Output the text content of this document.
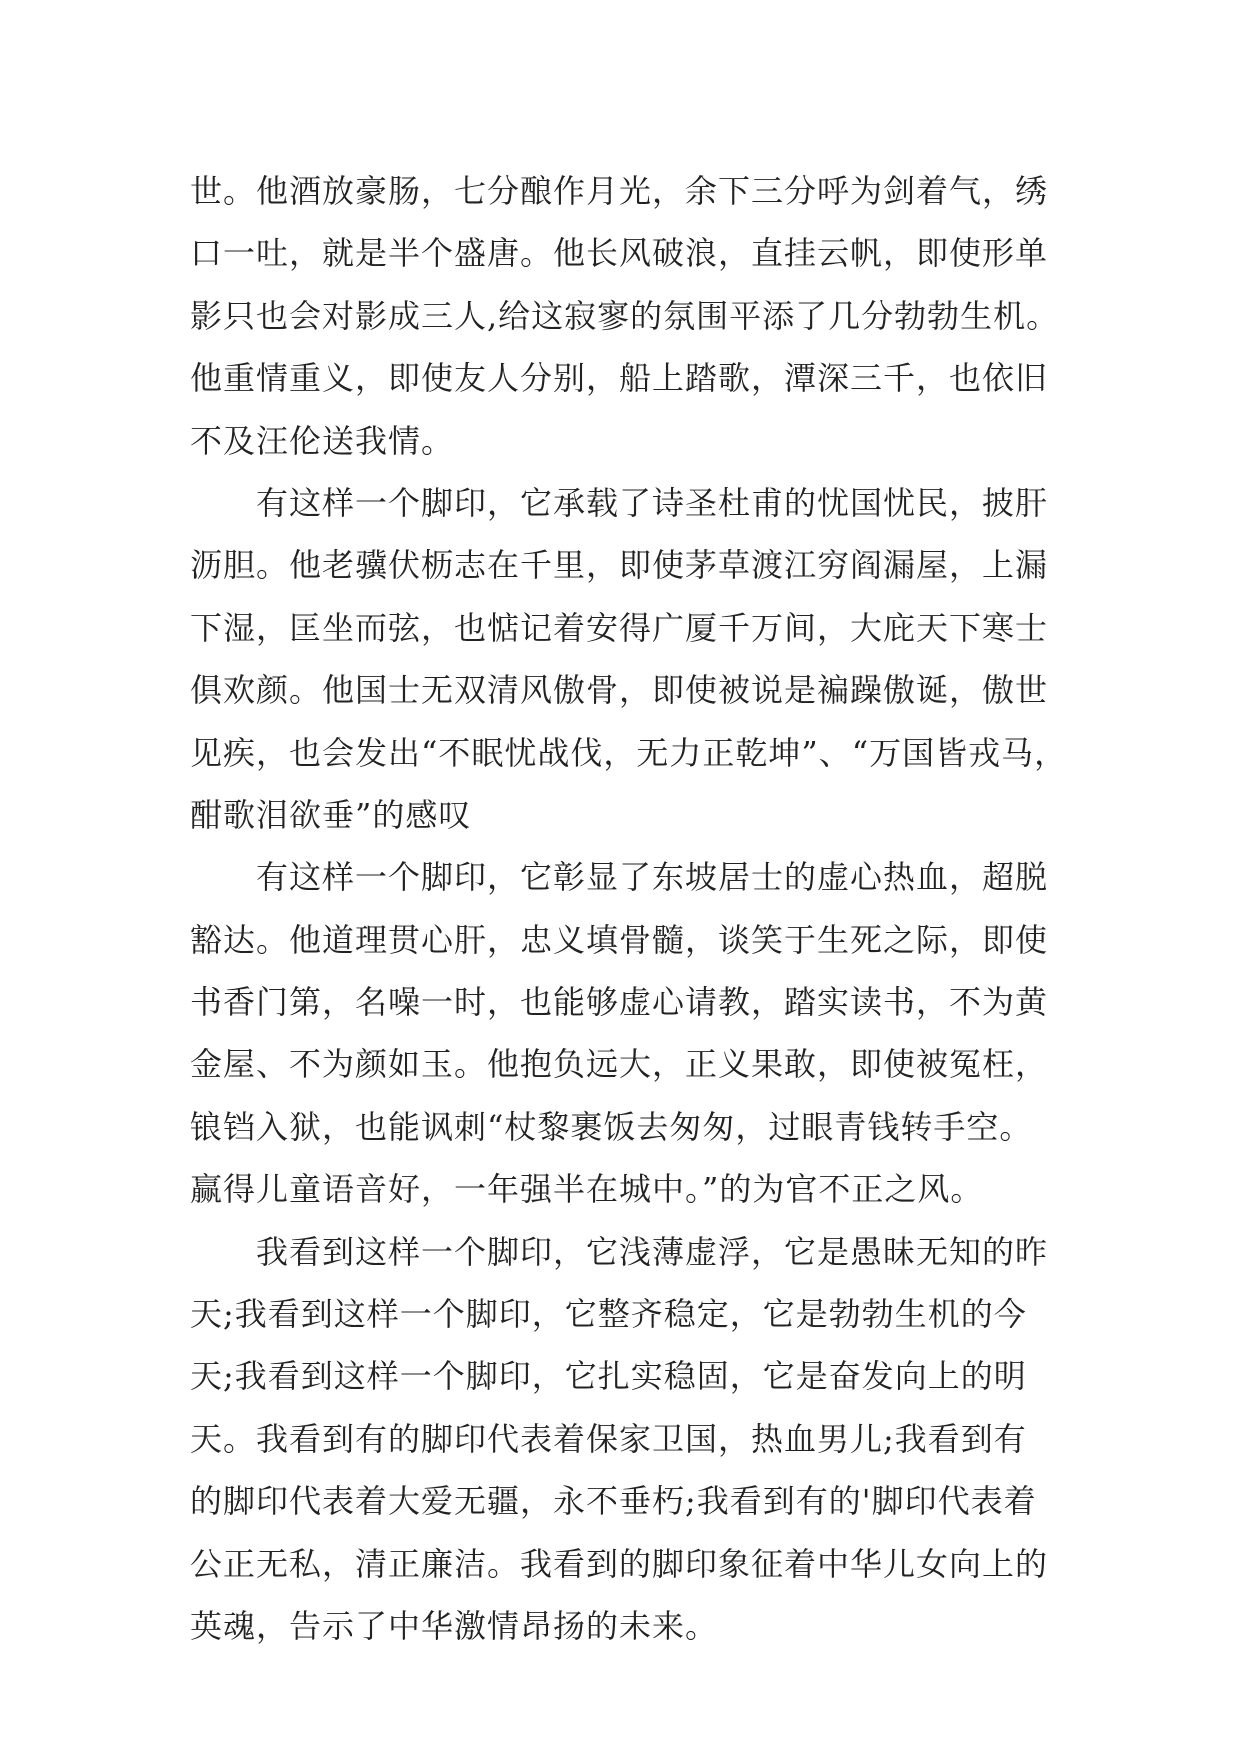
世。他酒放豪肠，七分酿作月光，余下三分呼为剑着气，绣
口一吐，就是半个盛唐。他长风破浪，直挂云帆，即使形单
影只也会对影成三人,给这寂寥的氛围平添了几分勃勃生机。
他重情重义，即使友人分别，船上踏歌，潭深三千，也依旧
不及汪伦送我情。
有这样一个脚印，它承载了诗圣杜甫的忧国忧民，披肝
沥胆。他老骥伏枥志在千里，即使茅草渡江穷阎漏屋，上漏
下湿，匡坐而弦，也惦记着安得广厦千万间，大庇天下寒士
俱欢颜。他国士无双清风傲骨，即使被说是褊躁傲诞，傲世
见疾，也会发出“不眠忧战伐，无力正乾坤”、“万国皆戎马，
酣歌泪欲垂”的感叹
有这样一个脚印，它彰显了东坡居士的虚心热血，超脱
豁达。他道理贯心肝，忠义填骨髓，谈笑于生死之际，即使
书香门第，名噪一时，也能够虚心请教，踏实读书，不为黄
金屋、不为颜如玉。他抱负远大，正义果敢，即使被冤枉，
锒铛入狱，也能讽刺“杖黎裹饭去匆匆，过眼青钱转手空。
赢得儿童语音好，一年强半在城中。”的为官不正之风。
我看到这样一个脚印，它浅薄虚浮，它是愚昧无知的昨
天;我看到这样一个脚印，它整齐稳定，它是勃勃生机的今
天;我看到这样一个脚印，它扎实稳固，它是奋发向上的明
天。我看到有的脚印代表着保家卫国，热血男儿;我看到有
的脚印代表着大爱无疆，永不垂朽;我看到有的'脚印代表着
公正无私，清正廉洁。我看到的脚印象征着中华儿女向上的
英魂，告示了中华激情昂扬的未来。
